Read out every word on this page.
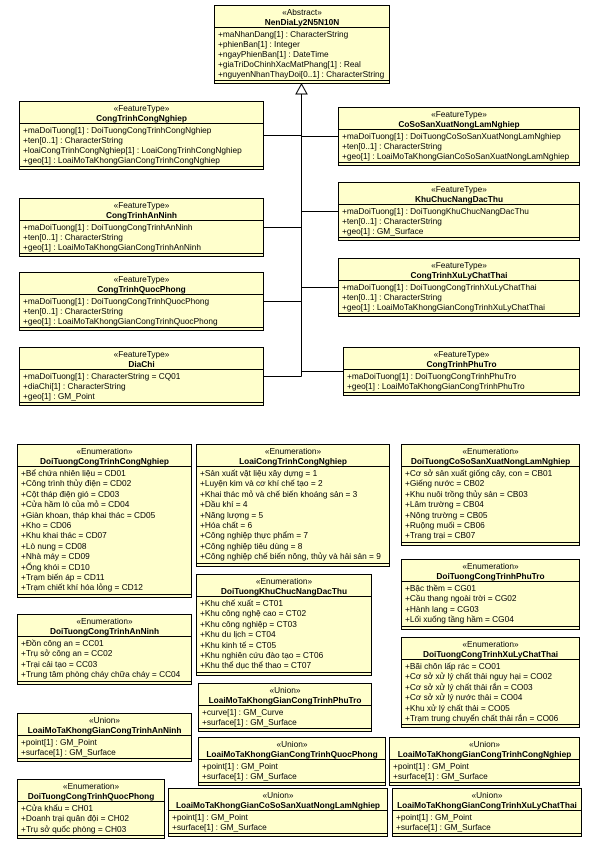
«Abstract»
NenDiaLy2N5N10N
+maNhanDang[1] : CharacterString
+phienBan[1] : Integer
+ngayPhienBan[1] : DateTime
+giaTriDoChinhXacMatPhang[1] : Real
+nguyenNhanThayDoi[0..1] : CharacterString
«FeatureType»
CongTrinhCongNghiep
+maDoiTuong[1] : DoiTuongCongTrinhCongNghiep
+ten[0..1] : CharacterString
+loaiCongTrinhCongNghiep[1] : LoaiCongTrinhCongNghiep
+geo[1] : LoaiMoTaKhongGianCongTrinhCongNghiep
«FeatureType»
CoSoSanXuatNongLamNghiep
+maDoiTuong[1] : DoiTuongCoSoSanXuatNongLamNghiep
+ten[0..1] : CharacterString
+geo[1] : LoaiMoTaKhongGianCoSoSanXuatNongLamNghiep
«FeatureType»
CongTrinhAnNinh
+maDoiTuong[1] : DoiTuongCongTrinhAnNinh
+ten[0..1] : CharacterString
+geo[1] : LoaiMoTaKhongGianCongTrinhAnNinh
«FeatureType»
KhuChucNangDacThu
+maDoiTuong[1] : DoiTuongKhuChucNangDacThu
+ten[0..1] : CharacterString
+geo[1] : GM_Surface
«FeatureType»
CongTrinhQuocPhong
+maDoiTuong[1] : DoiTuongCongTrinhQuocPhong
+ten[0..1] : CharacterString
+geo[1] : LoaiMoTaKhongGianCongTrinhQuocPhong
«FeatureType»
CongTrinhXuLyChatThai
+maDoiTuong[1] : DoiTuongCongTrinhXuLyChatThai
+ten[0..1] : CharacterString
+geo[1] : LoaiMoTaKhongGianCongTrinhXuLyChatThai
«FeatureType»
DiaChi
+maDoiTuong[1] : CharacterString = CQ01
+diaChi[1] : CharacterString
+geo[1] : GM_Point
«FeatureType»
CongTrinhPhuTro
+maDoiTuong[1] : DoiTuongCongTrinhPhuTro
+geo[1] : LoaiMoTaKhongGianCongTrinhPhuTro
«Enumeration»
DoiTuongCongTrinhCongNghiep
+Bể chứa nhiên liệu = CD01
+Công trình thủy điện = CD02
+Cột tháp điện gió = CD03
+Cửa hầm lò của mỏ = CD04
+Giàn khoan, tháp khai thác = CD05
+Kho = CD06
+Khu khai thác = CD07
+Lò nung = CD08
+Nhà máy = CD09
+Ống khói = CD10
+Trạm biến áp = CD11
+Trạm chiết khí hóa lỏng = CD12
«Enumeration»
LoaiCongTrinhCongNghiep
+Sản xuất vật liệu xây dựng = 1
+Luyện kim và cơ khí chế tạo = 2
+Khai thác mỏ và chế biến khoáng sản = 3
+Dầu khí = 4
+Năng lượng = 5
+Hóa chất = 6
+Công nghiệp thực phẩm = 7
+Công nghiệp tiêu dùng = 8
+Công nghiệp chế biến nông, thủy và hải sản = 9
«Enumeration»
DoiTuongCoSoSanXuatNongLamNghiep
+Cơ sở sản xuất giống cây, con = CB01
+Giếng nước = CB02
+Khu nuôi trồng thủy sản = CB03
+Lâm trường = CB04
+Nông trường = CB05
+Ruộng muối = CB06
+Trang trại = CB07
«Enumeration»
DoiTuongKhuChucNangDacThu
+Khu chế xuất = CT01
+Khu công nghệ cao = CT02
+Khu công nghiệp = CT03
+Khu du lịch = CT04
+Khu kinh tế = CT05
+Khu nghiên cứu đào tạo = CT06
+Khu thể dục thể thao = CT07
«Enumeration»
DoiTuongCongTrinhPhuTro
+Bậc thềm = CG01
+Cầu thang ngoài trời = CG02
+Hành lang = CG03
+Lối xuống tầng hầm = CG04
«Enumeration»
DoiTuongCongTrinhAnNinh
+Đồn công an = CC01
+Trụ sở công an = CC02
+Trại cải tạo = CC03
+Trung tâm phòng cháy chữa cháy = CC04
«Enumeration»
DoiTuongCongTrinhXuLyChatThai
+Bãi chôn lấp rác = CO01
+Cơ sở xử lý chất thải nguy hại = CO02
+Cơ sở xử lý chất thải rắn = CO03
+Cơ sở xử lý nước thải = CO04
+Khu xử lý chất thải = CO05
+Trạm trung chuyển chất thải rắn = CO06
«Union»
LoaiMoTaKhongGianCongTrinhPhuTro
+curve[1] : GM_Curve
+surface[1] : GM_Surface
«Union»
LoaiMoTaKhongGianCongTrinhAnNinh
+point[1] : GM_Point
+surface[1] : GM_Surface
«Union»
LoaiMoTaKhongGianCongTrinhQuocPhong
+point[1] : GM_Point
+surface[1] : GM_Surface
«Union»
LoaiMoTaKhongGianCongTrinhCongNghiep
+point[1] : GM_Point
+surface[1] : GM_Surface
«Enumeration»
DoiTuongCongTrinhQuocPhong
+Cửa khẩu = CH01
+Doanh trại quân đội = CH02
+Trụ sở quốc phòng = CH03
«Union»
LoaiMoTaKhongGianCoSoSanXuatNongLamNghiep
+point[1] : GM_Point
+surface[1] : GM_Surface
«Union»
LoaiMoTaKhongGianCongTrinhXuLyChatThai
+point[1] : GM_Point
+surface[1] : GM_Surface
